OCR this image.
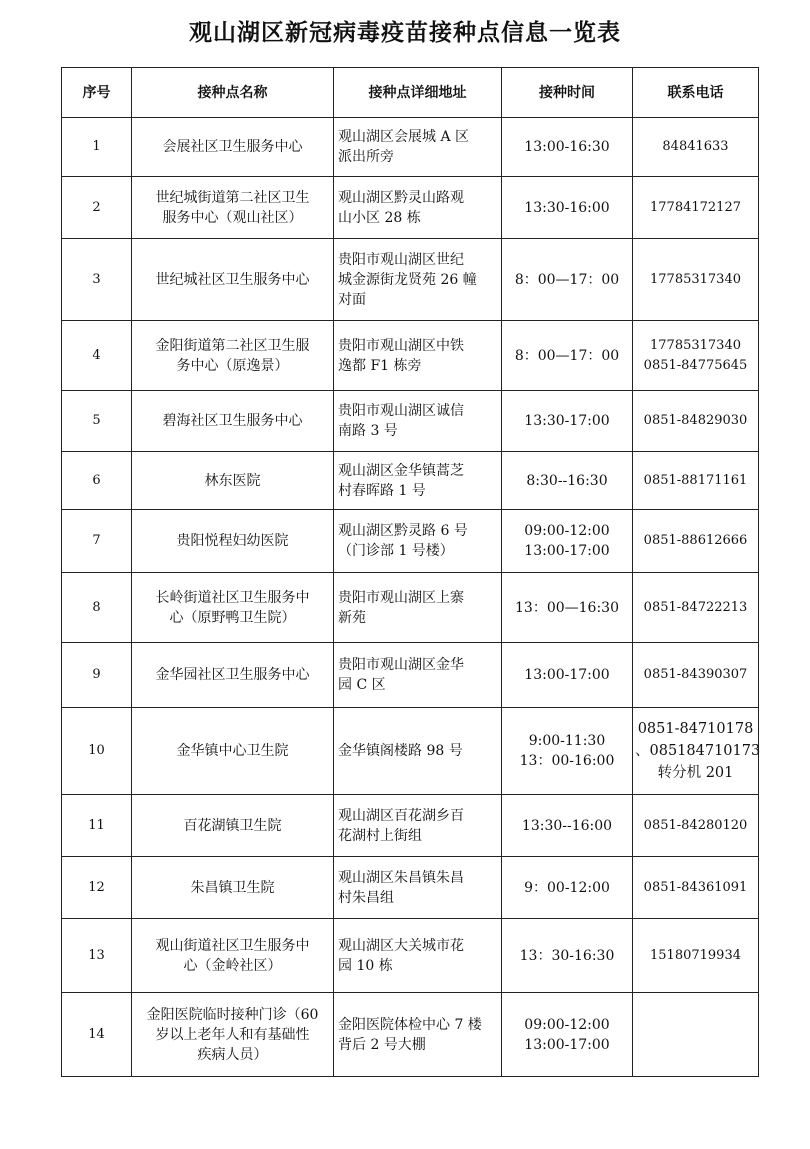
观山湖区新冠病毒疫苗接种点信息一览表
序号	接种点名称	接种点详细地址	接种时间	联系电话
1	会展社区卫生服务中心	观山湖区会展城 A 区
派出所旁	13:00-16:30	84841633

2	世纪城街道第二社区卫生
服务中心（观山社区）	观山湖区黔灵山路观
山小区 28 栋	13:30-16:00	17784172127

3	世纪城社区卫生服务中心	贵阳市观山湖区世纪
城金源街龙贤苑 26 幢
对面	8：00—17：00	17785317340

4	金阳街道第二社区卫生服
务中心（原逸景）	贵阳市观山湖区中铁
逸都 F1 栋旁	8：00—17：00	17785317340
0851-84775645

5	碧海社区卫生服务中心	贵阳市观山湖区诚信
南路 3 号	13:30-17:00	0851-84829030

6	林东医院	观山湖区金华镇蒿芝
村春晖路 1 号	8:30--16:30	0851-88171161

7	贵阳悦程妇幼医院	观山湖区黔灵路 6 号
（门诊部 1 号楼）	09:00-12:00
13:00-17:00	0851-88612666

8	长岭街道社区卫生服务中
心（原野鸭卫生院）	贵阳市观山湖区上寨
新苑	13：00—16:30	0851-84722213

9	金华园社区卫生服务中心	贵阳市观山湖区金华
园 C 区	13:00-17:00	0851-84390307

10	金华镇中心卫生院	金华镇阁楼路 98 号	9:00-11:30
13：00-16:00	0851-84710178
、085184710173
转分机 201

11	百花湖镇卫生院	观山湖区百花湖乡百
花湖村上街组	13:30--16:00	0851-84280120

12	朱昌镇卫生院	观山湖区朱昌镇朱昌
村朱昌组	9：00-12:00	0851-84361091

13	观山街道社区卫生服务中
心（金岭社区）	观山湖区大关城市花
园 10 栋	13：30-16:30	15180719934

14	金阳医院临时接种门诊（60
岁以上老年人和有基础性
疾病人员）	金阳医院体检中心 7 楼
背后 2 号大棚	09:00-12:00
13:00-17:00	
